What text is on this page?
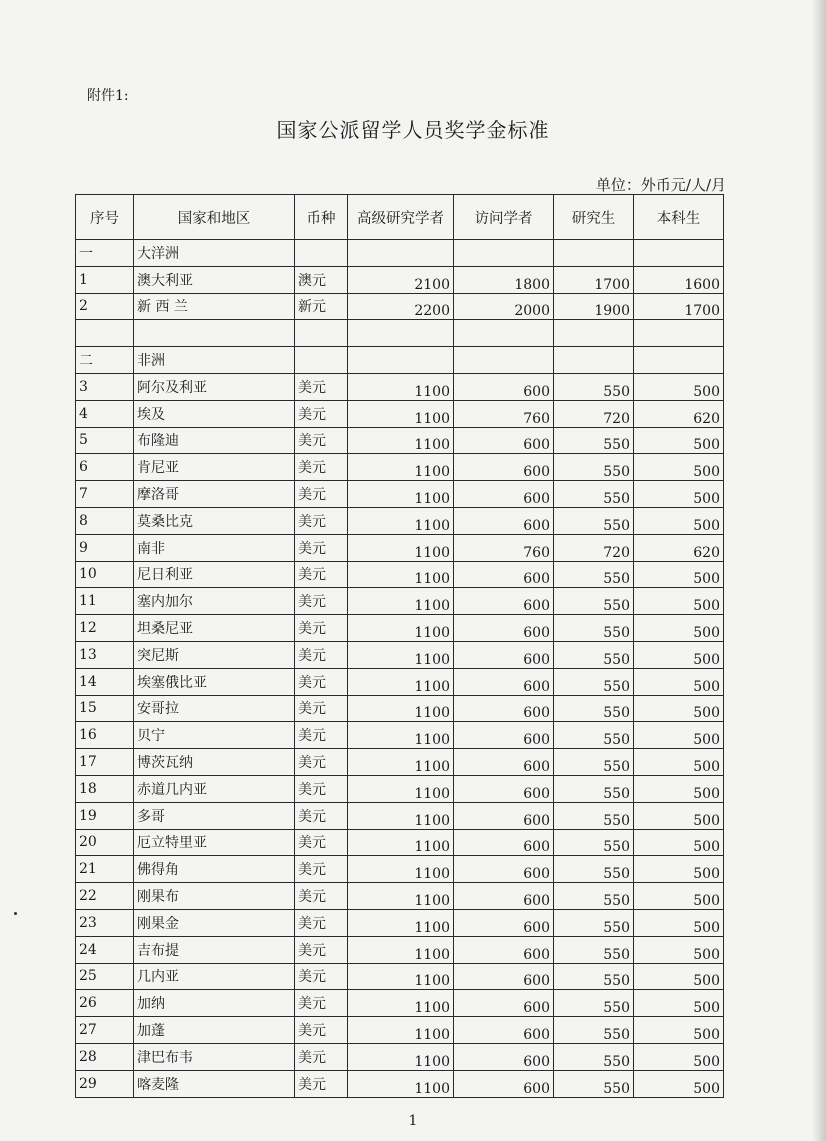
附件1:
国家公派留学人员奖学金标准
单位：外币元/人/月
序号	国家和地区	币种	高级研究学者	访问学者	研究生	本科生
一	大洋洲					
1	澳大利亚	澳元	2100	1800	1700	1600
2	新 西 兰	新元	2200	2000	1900	1700

二	非洲					
3	阿尔及利亚	美元	1100	600	550	500
4	埃及	美元	1100	760	720	620
5	布隆迪	美元	1100	600	550	500
6	肯尼亚	美元	1100	600	550	500
7	摩洛哥	美元	1100	600	550	500
8	莫桑比克	美元	1100	600	550	500
9	南非	美元	1100	760	720	620
10	尼日利亚	美元	1100	600	550	500
11	塞内加尔	美元	1100	600	550	500
12	坦桑尼亚	美元	1100	600	550	500
13	突尼斯	美元	1100	600	550	500
14	埃塞俄比亚	美元	1100	600	550	500
15	安哥拉	美元	1100	600	550	500
16	贝宁	美元	1100	600	550	500
17	博茨瓦纳	美元	1100	600	550	500
18	赤道几内亚	美元	1100	600	550	500
19	多哥	美元	1100	600	550	500
20	厄立特里亚	美元	1100	600	550	500
21	佛得角	美元	1100	600	550	500
22	刚果布	美元	1100	600	550	500
23	刚果金	美元	1100	600	550	500
24	吉布提	美元	1100	600	550	500
25	几内亚	美元	1100	600	550	500
26	加纳	美元	1100	600	550	500
27	加蓬	美元	1100	600	550	500
28	津巴布韦	美元	1100	600	550	500
29	喀麦隆	美元	1100	600	550	500
1
